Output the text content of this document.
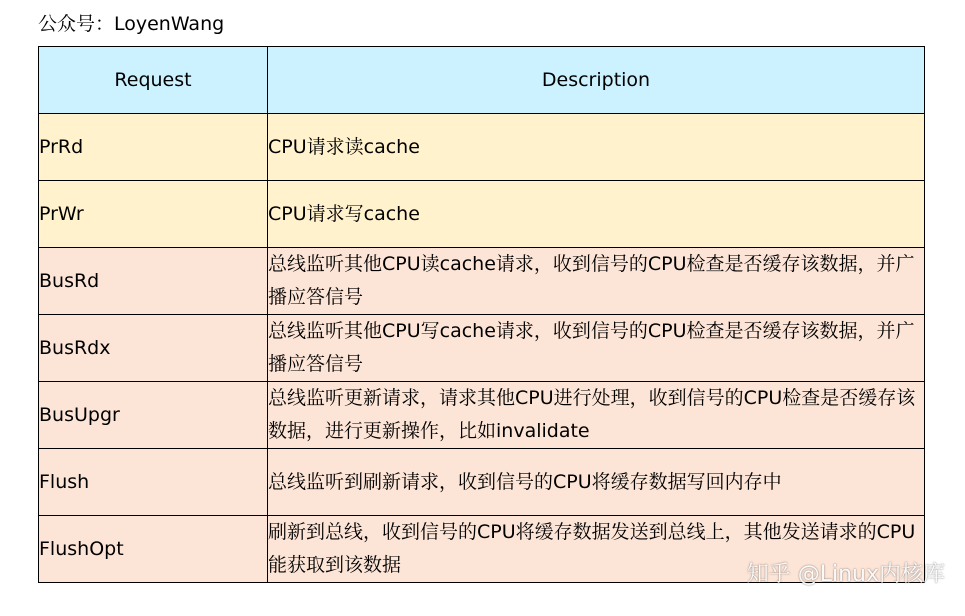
公众号：LoyenWang
Request	Description
PrRd	CPU请求读cache
PrWr	CPU请求写cache
BusRd	总线监听其他CPU读cache请求，收到信号的CPU检查是否缓存该数据，并广播应答信号
BusRdx	总线监听其他CPU写cache请求，收到信号的CPU检查是否缓存该数据，并广播应答信号
BusUpgr	总线监听更新请求，请求其他CPU进行处理，收到信号的CPU检查是否缓存该数据，进行更新操作，比如invalidate
Flush	总线监听到刷新请求，收到信号的CPU将缓存数据写回内存中
FlushOpt	刷新到总线，收到信号的CPU将缓存数据发送到总线上，其他发送请求的CPU能获取到该数据	知乎 @Linux内核库
